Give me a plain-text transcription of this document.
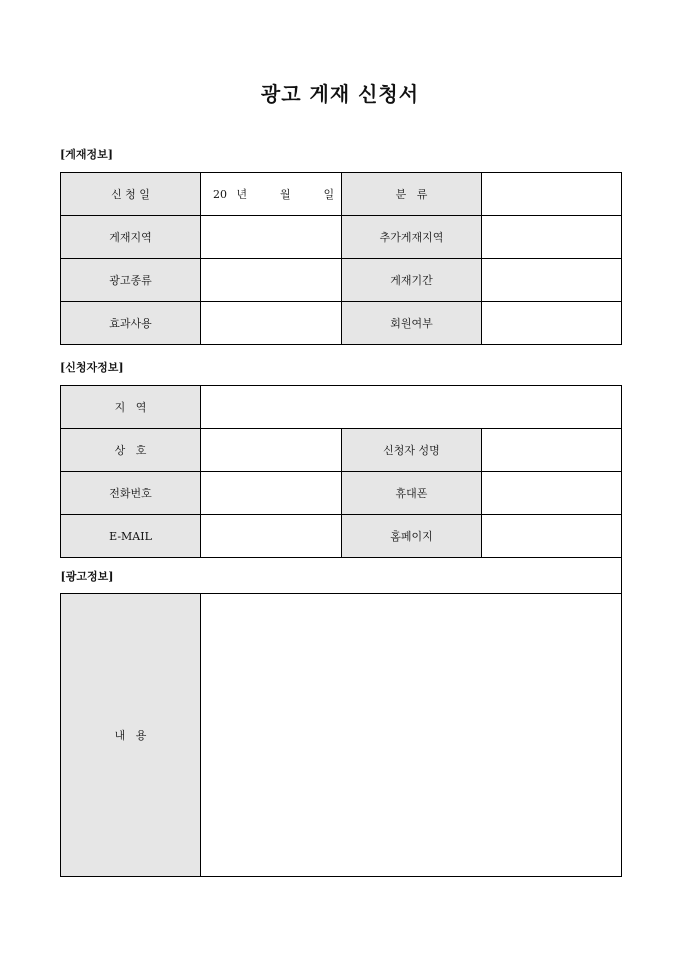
광고 게재 신청서
[게재정보]
신 청 일	20 년 월 일	분   류	
게재지역		추가게재지역	
광고종류		게재기간	
효과사용		회원여부	
[신청자정보]
지   역			
상   호		신청자 성명	
전화번호		휴대폰	
E-MAIL		홈페이지	
[광고정보]			
내   용			
